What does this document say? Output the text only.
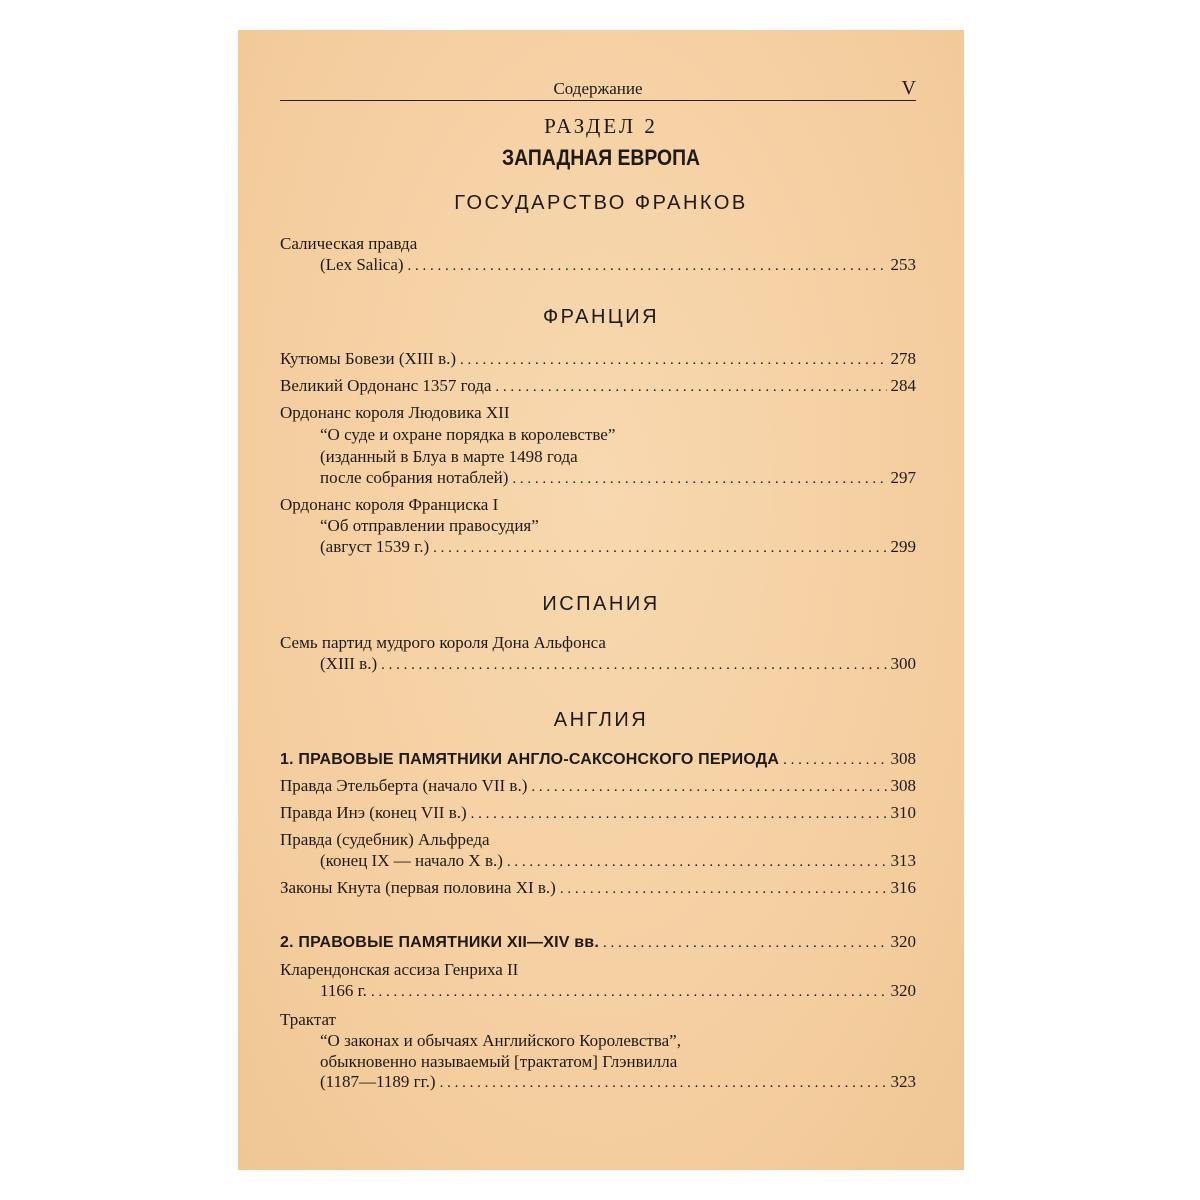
Содержание	V
РАЗДЕЛ 2
ЗАПАДНАЯ ЕВРОПА
ГОСУДАРСТВО ФРАНКОВ
Салическая правда
(Lex Salica) . . .	253
ФРАНЦИЯ
Кутюмы Бовези (XIII в.) . . .	278
Великий Ордонанс 1357 года . . .	284
Ордонанс короля Людовика XII
“О суде и охране порядка в королевстве”
(изданный в Блуа в марте 1498 года
после собрания нотаблей) . . .	297
Ордонанс короля Франциска I
“Об отправлении правосудия”
(август 1539 г.) . . .	299
ИСПАНИЯ
Семь партид мудрого короля Дона Альфонса
(XIII в.) . . .	300
АНГЛИЯ
1. ПРАВОВЫЕ ПАМЯТНИКИ АНГЛО-САКСОНСКОГО ПЕРИОДА . . .	308
Правда Этельберта (начало VII в.) . . .	308
Правда Инэ (конец VII в.) . . .	310
Правда (судебник) Альфреда
(конец IX — начало X в.) . . .	313
Законы Кнута (первая половина XI в.) . . .	316
2. ПРАВОВЫЕ ПАМЯТНИКИ XII—XIV вв. . . .	320
Кларендонская ассиза Генриха II
1166 г. . . .	320
Трактат
“О законах и обычаях Английского Королевства”,
обыкновенно называемый [трактатом] Глэнвилла
(1187—1189 гг.) . . .	323
